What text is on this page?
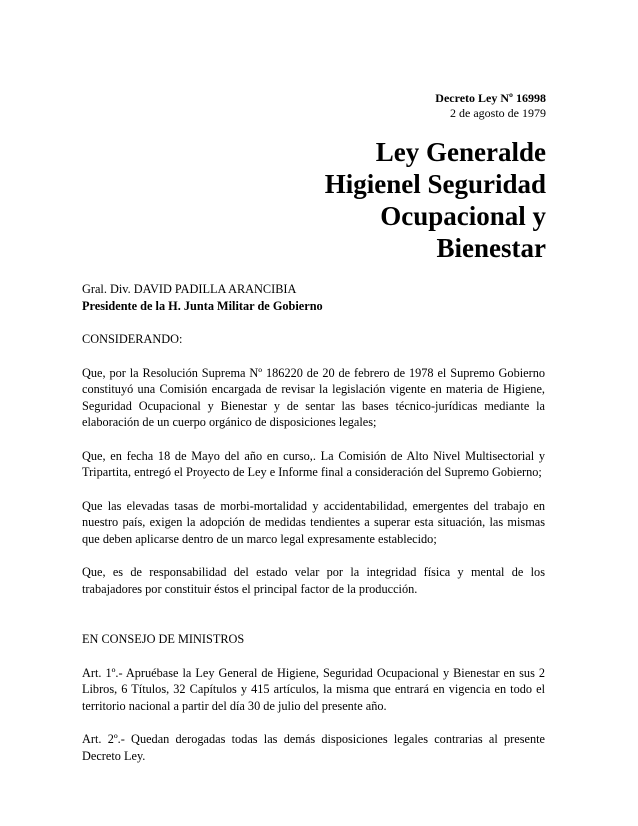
Decreto Ley Nº 16998
2 de agosto de 1979
Ley Generalde
Higienel Seguridad
Ocupacional y
Bienestar

Gral. Div. DAVID PADILLA ARANCIBIA

Presidente de la H. Junta Militar de Gobierno

CONSIDERANDO:

Que, por la Resolución Suprema Nº 186220 de 20 de febrero de 1978 el Supremo Gobierno constituyó una Comisión encargada de revisar la legislación vigente en materia de Higiene, Seguridad Ocupacional y Bienestar y de sentar las bases técnico-jurídicas mediante la elaboración de un cuerpo orgánico de disposiciones legales;

Que, en fecha 18 de Mayo del año en curso,. La Comisión de Alto Nivel Multisectorial y Tripartita, entregó el Proyecto de Ley e Informe final a consideración del Supremo Gobierno;

Que las elevadas tasas de morbi-mortalidad y accidentabilidad, emergentes del trabajo en nuestro país, exigen la adopción de medidas tendientes a superar esta situación, las mismas que deben aplicarse dentro de un marco legal expresamente establecido;

Que, es de responsabilidad del estado velar por la integridad física y mental de los trabajadores por constituir éstos el principal factor de la producción.

EN CONSEJO DE MINISTROS

Art. 1º.- Apruébase la Ley General de Higiene, Seguridad Ocupacional y Bienestar en sus 2 Libros, 6 Títulos, 32 Capítulos y 415 artículos, la misma que entrará en vigencia en todo el territorio nacional a partir del día 30 de julio del presente año.

Art. 2º.- Quedan derogadas todas las demás disposiciones legales contrarias al presente Decreto Ley.
